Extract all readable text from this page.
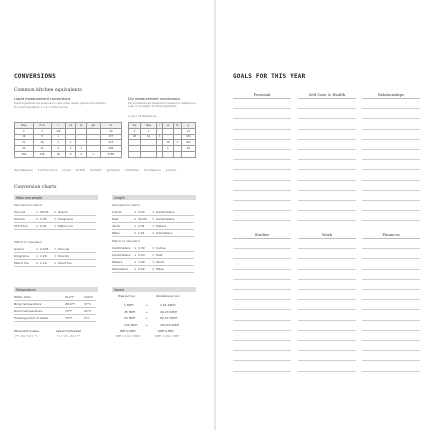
CONVERSIONS
Common kitchen equivalents
Liquid measurement conversions
Liquid ingredients are measured in cups, pints, quarts, gallons and milliliters
For liquid ingredients: 1 cup = 8 fluid ounces
Dry measurement conversions
Dry ingredients are measured in teaspoons, tablespoons, cups, or by weight, for these ingredients
1 cup = 16 tablespoons
tbsp	fl oz	c	pt	qt	gal	ml
2	1	1/8				30
16	8	1				237
32	16	2	1			473
64	32	4	2	1		946
256	128	16	8	4	1	3785
tsp	tbsp	c	oz	lb	g
3	1				15
48	16	1			240
			16	1	454
			1		28

tbsp=Tablespoon fl oz=Fluid Ounce c=Cups pt=Pints qt=Quarts gal=Gallons ml=Milliliters tsp=Teaspoons g=Grams
Conversion charts
Mass and weight
Standard to metric
Ounces	× 28.35 = Grams
Pounds	× 0.45 = Kilograms
Short ton	× 0.91 = Metric ton
Metric to standard
Grams	× 0.035 = Ounces
Kilograms × 2.20 = Pounds
Metric ton × 1.10 = Short ton
Length
Standard to metric
Inches	× 2.54 = Centimeters
Feet	× 30.48 = Centimeters
Yards	× 0.91 = Meters
Miles	× 1.61 = Kilometers
Metric to standard
Centimeters × 0.39 = Inches
Centimeters × 0.03 = Feet
Meters	× 1.09 = Yards
Kilometers × 0.62 = Miles
Temperature
Water boils	212°F	100°C
Body temperature	98.6°F	37°C
Room temperature	72°F	22°C
Freezing point of water	32°F	0°C
Fahrenheit to Celsius	Celsius to Fahrenheit
(°F - 32) / 1.8 = °C	°C × 1.8 + 32 = °F
Speed
Miles per hour	Kilometers per hour
1 MPH	→	1.61 KM/H
25 MPH	→	40.23 KM/H
50 MPH	→	80.47 KM/H
100 MPH	→	160.93 KM/H
MPH to KM/H	KM/H to MPH
MPH × 1.61 = KM/H	KM/H × 0.62 = MPH
GOALS FOR THIS YEAR
Personal	Self Care & Health	Relationships
Studies	Work	Finances
